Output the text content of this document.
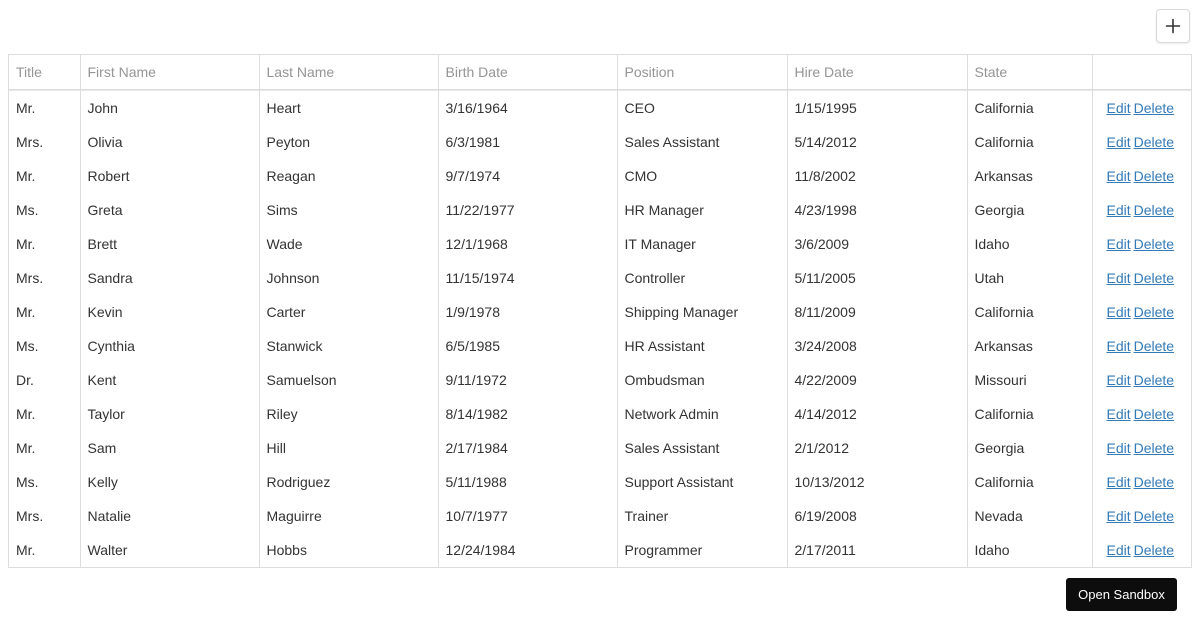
Title	First Name	Last Name	Birth Date	Position	Hire Date	State	
Mr.	John	Heart	3/16/1964	CEO	1/15/1995	California	Edit Delete
Mrs.	Olivia	Peyton	6/3/1981	Sales Assistant	5/14/2012	California	Edit Delete
Mr.	Robert	Reagan	9/7/1974	CMO	11/8/2002	Arkansas	Edit Delete
Ms.	Greta	Sims	11/22/1977	HR Manager	4/23/1998	Georgia	Edit Delete
Mr.	Brett	Wade	12/1/1968	IT Manager	3/6/2009	Idaho	Edit Delete
Mrs.	Sandra	Johnson	11/15/1974	Controller	5/11/2005	Utah	Edit Delete
Mr.	Kevin	Carter	1/9/1978	Shipping Manager	8/11/2009	California	Edit Delete
Ms.	Cynthia	Stanwick	6/5/1985	HR Assistant	3/24/2008	Arkansas	Edit Delete
Dr.	Kent	Samuelson	9/11/1972	Ombudsman	4/22/2009	Missouri	Edit Delete
Mr.	Taylor	Riley	8/14/1982	Network Admin	4/14/2012	California	Edit Delete
Mr.	Sam	Hill	2/17/1984	Sales Assistant	2/1/2012	Georgia	Edit Delete
Ms.	Kelly	Rodriguez	5/11/1988	Support Assistant	10/13/2012	California	Edit Delete
Mrs.	Natalie	Maguirre	10/7/1977	Trainer	6/19/2008	Nevada	Edit Delete
Mr.	Walter	Hobbs	12/24/1984	Programmer	2/17/2011	Idaho	Edit Delete
Open Sandbox
